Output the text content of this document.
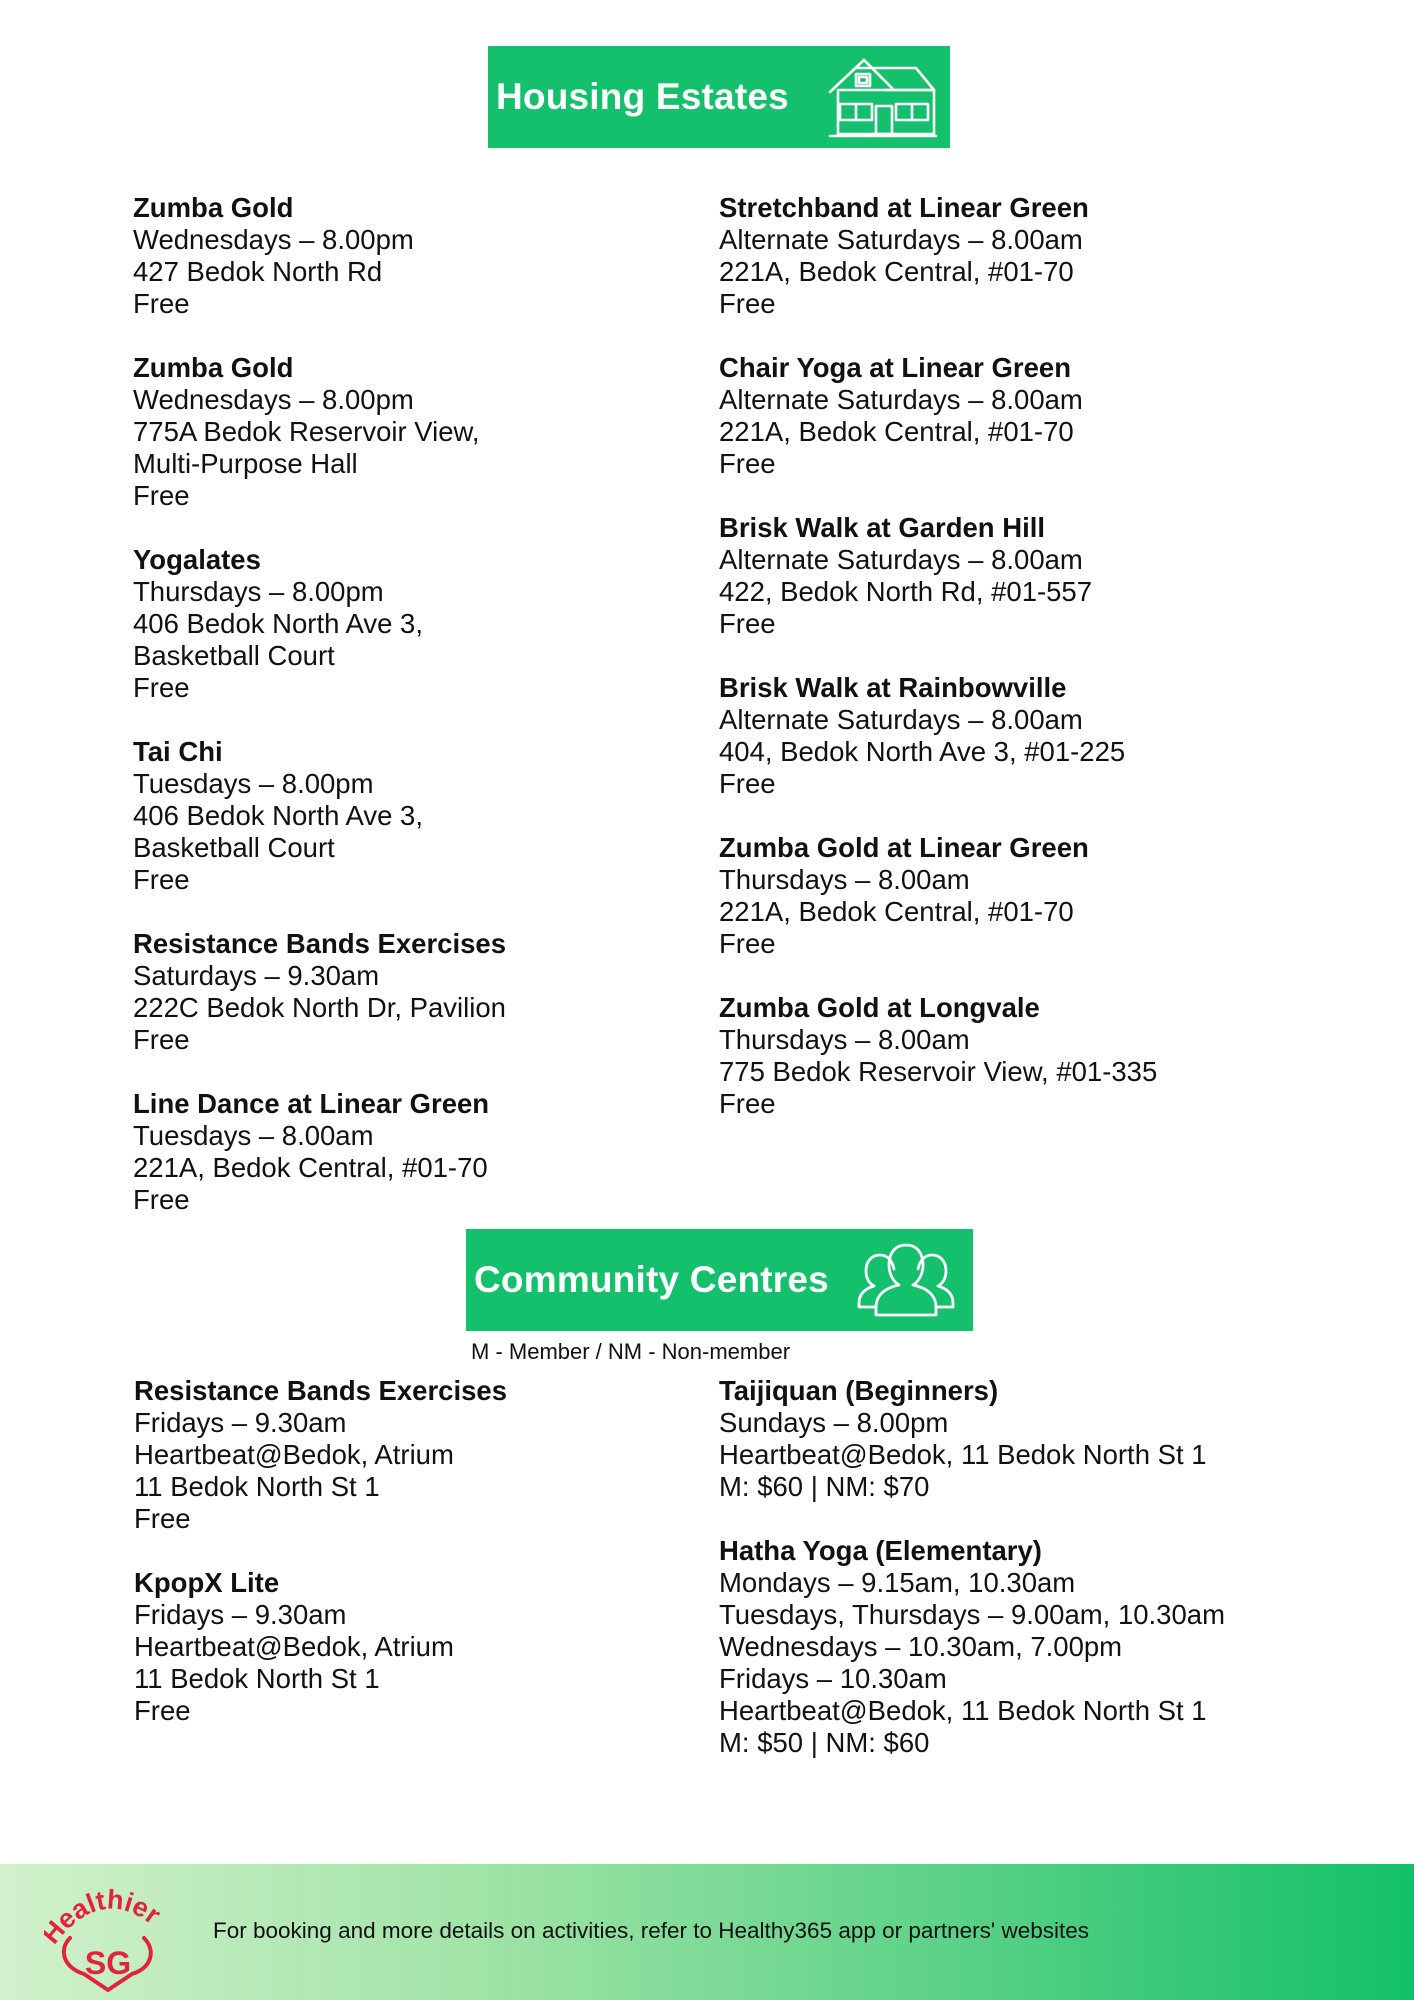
Housing Estates
Zumba Gold
Wednesdays – 8.00pm
427 Bedok North Rd
Free
Zumba Gold
Wednesdays – 8.00pm
775A Bedok Reservoir View,
Multi-Purpose Hall
Free
Yogalates
Thursdays – 8.00pm
406 Bedok North Ave 3,
Basketball Court
Free
Tai Chi
Tuesdays – 8.00pm
406 Bedok North Ave 3,
Basketball Court
Free
Resistance Bands Exercises
Saturdays – 9.30am
222C Bedok North Dr, Pavilion
Free
Line Dance at Linear Green
Tuesdays – 8.00am
221A, Bedok Central, #01-70
Free
Stretchband at Linear Green
Alternate Saturdays – 8.00am
221A, Bedok Central, #01-70
Free
Chair Yoga at Linear Green
Alternate Saturdays – 8.00am
221A, Bedok Central, #01-70
Free
Brisk Walk at Garden Hill
Alternate Saturdays – 8.00am
422, Bedok North Rd, #01-557
Free
Brisk Walk at Rainbowville
Alternate Saturdays – 8.00am
404, Bedok North Ave 3, #01-225
Free
Zumba Gold at Linear Green
Thursdays – 8.00am
221A, Bedok Central, #01-70
Free
Zumba Gold at Longvale
Thursdays – 8.00am
775 Bedok Reservoir View, #01-335
Free
Community Centres
M - Member / NM - Non-member
Resistance Bands Exercises
Fridays – 9.30am
Heartbeat@Bedok, Atrium
11 Bedok North St 1
Free
KpopX Lite
Fridays – 9.30am
Heartbeat@Bedok, Atrium
11 Bedok North St 1
Free
Taijiquan (Beginners)
Sundays – 8.00pm
Heartbeat@Bedok, 11 Bedok North St 1
M: $60 | NM: $70
Hatha Yoga (Elementary)
Mondays – 9.15am, 10.30am
Tuesdays, Thursdays – 9.00am, 10.30am
Wednesdays – 10.30am, 7.00pm
Fridays – 10.30am
Heartbeat@Bedok, 11 Bedok North St 1
M: $50 | NM: $60
ealthier
SG
For booking and more details on activities, refer to Healthy365 app or partners' websites
